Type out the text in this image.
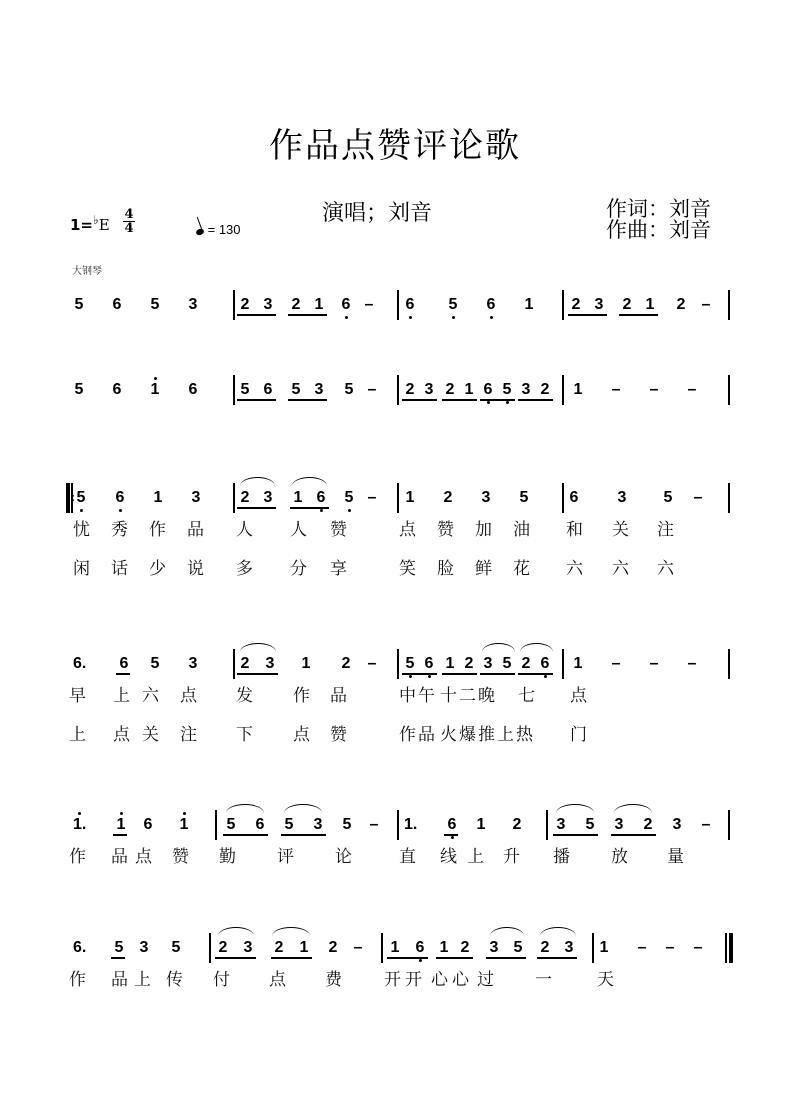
作品点赞评论歌
演唱；刘音	作词：刘音
作曲：刘音
1=♭E
4
4	= 130
大钢琴
5 6 5 3	2 3 2 1 6 – 6 5 6 1 2 3 2 1 2 –
5 6 1 6	5 6 5 3 5 – 2 3 2 1 6 5 3 2 1 – – –
5 6 1 3	2 3 1 6 5 – 1 2 3 5	6 3 5 –
:
忧 秀 作 品 人 人 赞	点 赞 加 油 和 关 注
闲 话 少 说 多 分 享	笑 脸 鲜 花 六 六 六
6.	6 5 3	2 3 1 2 – 5 6 1 2 3 5 2 6 1 – – –
早 上 六 点 发 作 品	中 午 十 二 晚 七 点
上 点 关 注 下 点 赞	作 品 火 爆 推 上 热 门
1.	1 6 1 5 6 5 3 5 – 1.	6 1 2 3 5 3 2 3 –
作 品 点 赞 勤 评 论	直 线 上 升 播 放 量
6.	5 3 5 2 3 2 1 2 – 1 6 1 2 3 5 2 3 1 – – –
作 品 上 传 付 点 费 开 开 心 心 过 一	天
